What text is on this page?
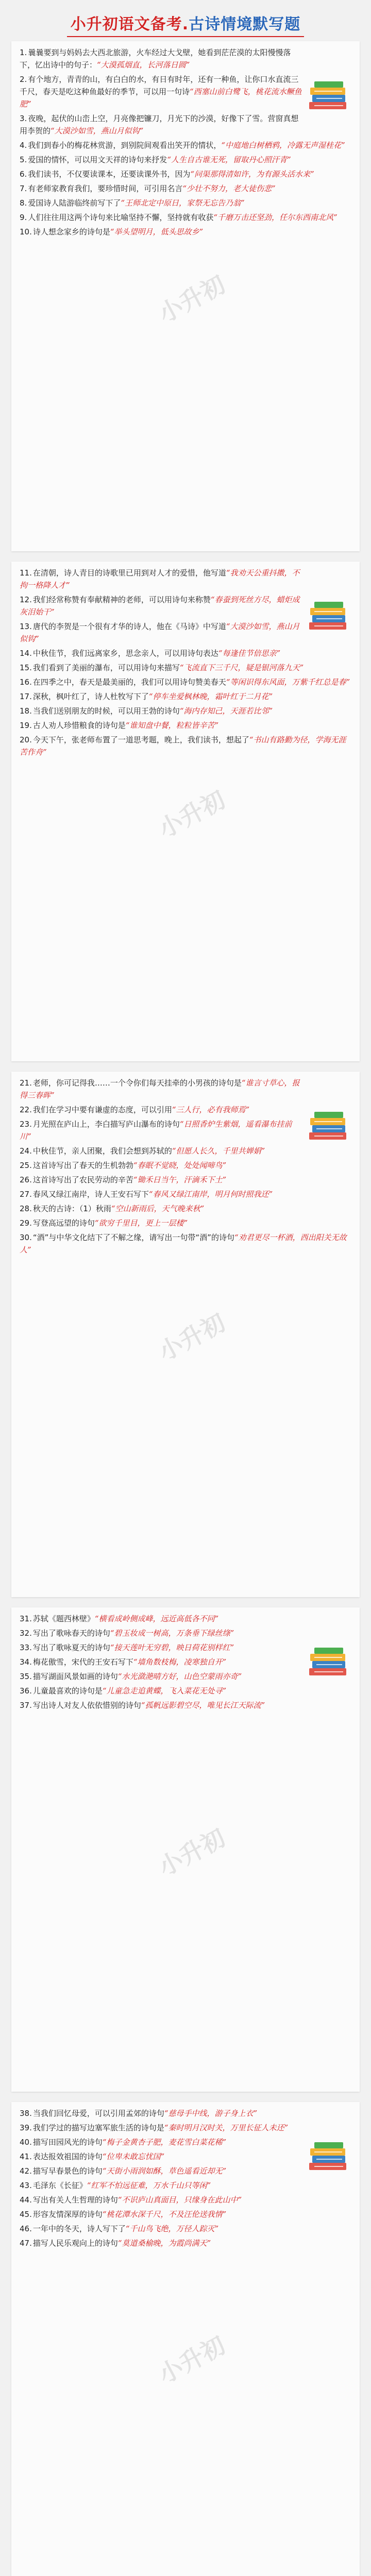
小升初语文备考.古诗情境默写题
小升初

1. 曩曩要到与妈妈去大西北旅游，火车经过大戈壁，她看到茫茫漠的太阳慢慢落下，忆出诗中的句子：“大漠孤烟直，长河落日圆”

2. 有个地方，青青的山，有白白的水，有日有时年，还有一种鱼，让你口水直流三千尺，春天是吃这种鱼最好的季节，可以用一句诗“西塞山前白鹭飞，桃花流水鳜鱼肥”

3. 夜晚，起伏的山峦上空，月亮像把镰刀，月光下的沙漠，好像下了雪。营窗真想用李贺的“大漠沙如雪，燕山月似钩”

4. 我们到春小的梅花林赏游，到别院间观看出笑开的情状，“中庭地白树栖鸦，冷露无声湿桂花”

5. 爱国的情怀，可以用文天祥的诗句来抒发“人生自古谁无死，留取丹心照汗青”

6. 我们读书，不仅要读课本，还要读课外书，因为“问渠那得清如许，为有源头活水来”

7. 有老师家教育我们，要珍惜时间，可引用名言“少壮不努力，老大徒伤悲”

8. 爱国诗人陆游临终前写下了“王师北定中原日，家祭无忘告乃翁”

9. 人们往往用这两个诗句来比喻坚持不懈，坚持就有收获“千磨万击还坚劲，任尔东西南北风”

10. 诗人想念家乡的诗句是“举头望明月，低头思故乡”

小升初

11. 在清朝，诗人青目的诗歌里已用到对人才的爱惜，他写道“我劝天公重抖擞，不拘一格降人才”

12. 我们经常称赞有奉献精神的老师，可以用诗句来称赞“春蚕到死丝方尽，蜡炬成灰泪始干”

13. 唐代的李贺是一个很有才华的诗人，他在《马诗》中写道“大漠沙如雪，燕山月似钩”

14. 中秋佳节，我们远离家乡，思念亲人，可以用诗句表达“每逢佳节倍思亲”

15. 我们看到了美丽的瀑布，可以用诗句来描写“飞流直下三千尺，疑是银河落九天”

16. 在四季之中，春天是最美丽的，我们可以用诗句赞美春天“等闲识得东风面，万紫千红总是春”

17. 深秋，枫叶红了，诗人杜牧写下了“停车坐爱枫林晚，霜叶红于二月花”

18. 当我们送别朋友的时候，可以用王勃的诗句“海内存知己，天涯若比邻”

19. 古人劝人珍惜粮食的诗句是“谁知盘中餐，粒粒皆辛苦”

20. 今天下午，张老师布置了一道思考题，晚上，我们读书，想起了“书山有路勤为径，学海无涯苦作舟”

小升初

21. 老师，你可记得我……一个令你们每天挂牵的小男孩的诗句是“谁言寸草心，报得三春晖”

22. 我们在学习中要有谦虚的态度，可以引用“三人行，必有我师焉”

23. 月光照在庐山上，李白描写庐山瀑布的诗句“日照香炉生紫烟，遥看瀑布挂前川”

24. 中秋佳节，亲人团聚，我们会想到苏轼的“但愿人长久，千里共婵娟”

25. 这首诗写出了春天的生机勃勃“春眠不觉晓，处处闻啼鸟”

26. 这首诗写出了农民劳动的辛苦“锄禾日当午，汗滴禾下土”

27. 春风又绿江南岸，诗人王安石写下“春风又绿江南岸，明月何时照我还”

28. 秋天的古诗：（1）秋雨“空山新雨后，天气晚来秋”

29. 写登高远望的诗句“欲穷千里目，更上一层楼”

30. “酒”与中华文化结下了不解之缘，请写出一句带“酒”的诗句“劝君更尽一杯酒，西出阳关无故人”

小升初

31. 苏轼《题西林壁》“横看成岭侧成峰，远近高低各不同”

32. 写出了歌咏春天的诗句“碧玉妆成一树高，万条垂下绿丝绦”

33. 写出了歌咏夏天的诗句“接天莲叶无穷碧，映日荷花别样红”

34. 梅花傲雪，宋代的王安石写下“墙角数枝梅，凌寒独自开”

35. 描写湖面风景如画的诗句“水光潋滟晴方好，山色空蒙雨亦奇”

36. 儿童最喜欢的诗句是“儿童急走追黄蝶，飞入菜花无处寻”

37. 写出诗人对友人依依惜别的诗句“孤帆远影碧空尽，唯见长江天际流”

小升初

38. 当我们回忆母爱，可以引用孟郊的诗句“慈母手中线，游子身上衣”

39. 我们学过的描写边塞军旅生活的诗句是“秦时明月汉时关，万里长征人未还”

40. 描写田园风光的诗句“梅子金黄杏子肥，麦花雪白菜花稀”

41. 表达报效祖国的诗句“位卑未敢忘忧国”

42. 描写早春景色的诗句“天街小雨润如酥，草色遥看近却无”

43. 毛泽东《长征》“红军不怕远征难，万水千山只等闲”

44. 写出有关人生哲理的诗句“不识庐山真面目，只缘身在此山中”

45. 形容友情深厚的诗句“桃花潭水深千尺，不及汪伦送我情”

46. 一年中的冬天，诗人写下了“千山鸟飞绝，万径人踪灭”

47. 描写人民乐观向上的诗句“莫道桑榆晚，为霞尚满天”
